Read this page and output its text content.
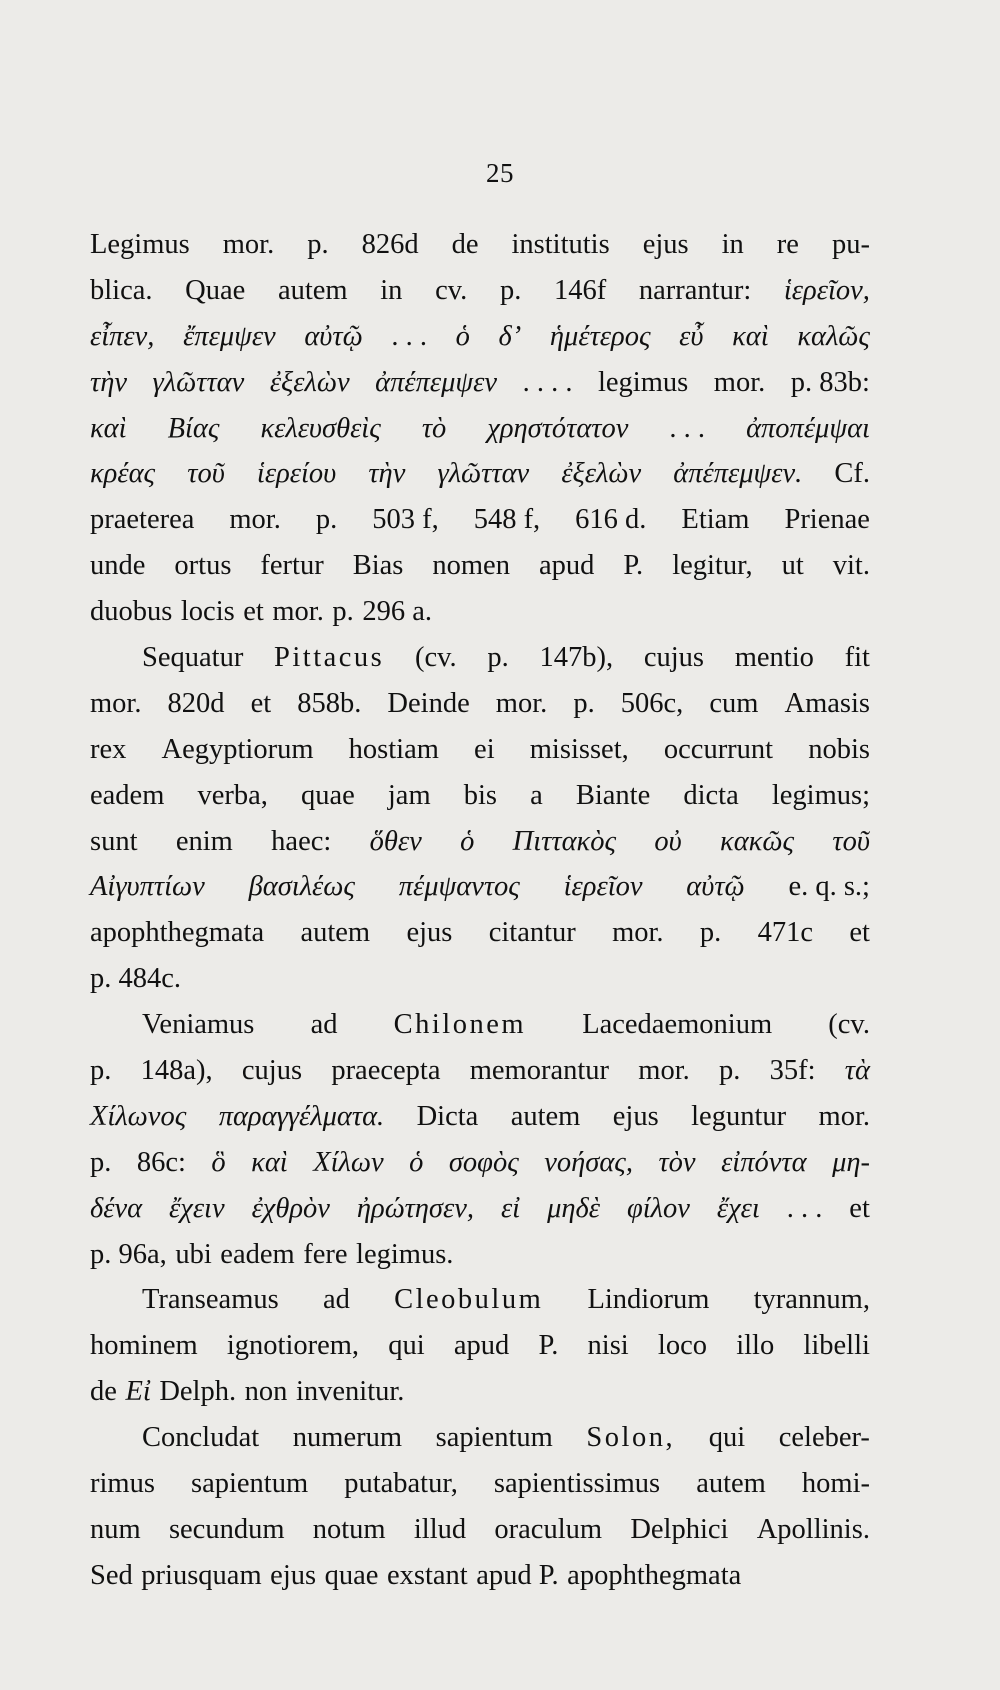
25
Legimus mor. p. 826d de institutis ejus in re pu-
blica. Quae autem in cv. p. 146f narrantur: ἱερεῖον,
εἶπεν, ἔπεμψεν αὐτῷ . . . ὁ δʼ ἡμέτερος εὖ καὶ καλῶς
τὴν γλῶτταν ἐξελὼν ἀπέπεμψεν . . . . legimus mor. p. 83b:
καὶ Βίας κελευσθεὶς τὸ χρηστότατον . . . ἀποπέμψαι
κρέας τοῦ ἱερείου τὴν γλῶτταν ἐξελὼν ἀπέπεμψεν. Cf.
praeterea mor. p. 503 f, 548 f, 616 d. Etiam Prienae
unde ortus fertur Bias nomen apud P. legitur, ut vit.
duobus locis et mor. p. 296 a.
Sequatur Pittacus (cv. p. 147b), cujus mentio fit
mor. 820d et 858b. Deinde mor. p. 506c, cum Amasis
rex Aegyptiorum hostiam ei misisset, occurrunt nobis
eadem verba, quae jam bis a Biante dicta legimus;
sunt enim haec: ὅθεν ὁ Πιττακὸς οὐ κακῶς τοῦ
Αἰγυπτίων βασιλέως πέμψαντος ἱερεῖον αὐτῷ e. q. s.;
apophthegmata autem ejus citantur mor. p. 471c et
p. 484c.
Veniamus ad Chilonem Lacedaemonium (cv.
p. 148a), cujus praecepta memorantur mor. p. 35f: τὰ
Χίλωνος παραγγέλματα. Dicta autem ejus leguntur mor.
p. 86c: ὃ καὶ Χίλων ὁ σοφὸς νοήσας, τὸν εἰπόντα μη-
δένα ἔχειν ἐχθρὸν ἠρώτησεν, εἰ μηδὲ φίλον ἔχει . . . et
p. 96a, ubi eadem fere legimus.
Transeamus ad Cleobulum Lindiorum tyrannum,
hominem ignotiorem, qui apud P. nisi loco illo libelli
de Εἰ Delph. non invenitur.
Concludat numerum sapientum Solon, qui celeber-
rimus sapientum putabatur, sapientissimus autem homi-
num secundum notum illud oraculum Delphici Apollinis.
Sed priusquam ejus quae exstant apud P. apophthegmata
